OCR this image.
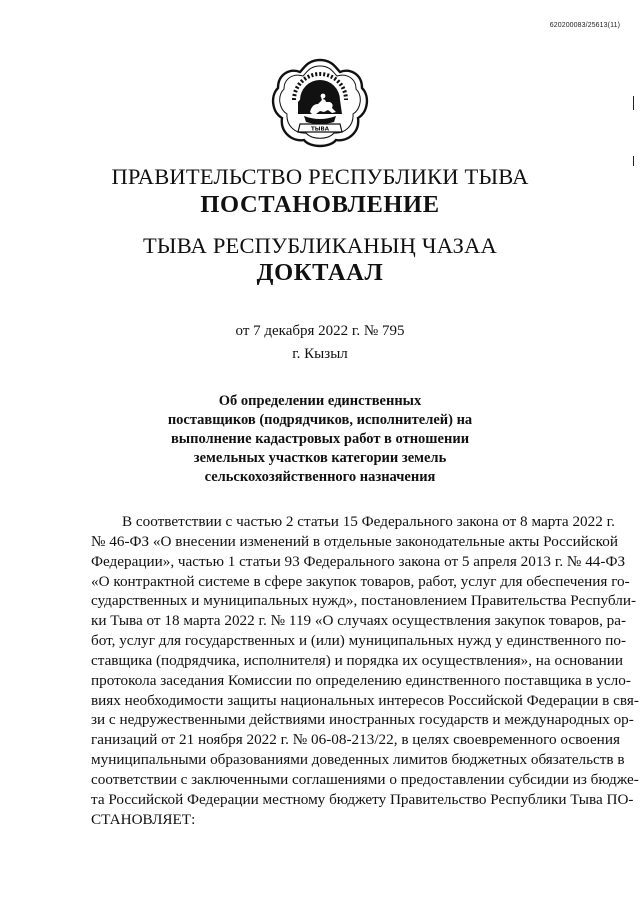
620200083/25613(11)
ТЫВА
ПРАВИТЕЛЬСТВО РЕСПУБЛИКИ ТЫВА
ПОСТАНОВЛЕНИЕ
ТЫВА РЕСПУБЛИКАНЫҢ ЧАЗАА
ДОКТААЛ
от 7 декабря 2022 г. № 795
г. Кызыл
Об определении единственных
поставщиков (подрядчиков, исполнителей) на
выполнение кадастровых работ в отношении
земельных участков категории земель
сельскохозяйственного назначения
В соответствии с частью 2 статьи 15 Федерального закона от 8 марта 2022 г.
№ 46-ФЗ «О внесении изменений в отдельные законодательные акты Российской
Федерации», частью 1 статьи 93 Федерального закона от 5 апреля 2013 г. № 44-ФЗ
«О контрактной системе в сфере закупок товаров, работ, услуг для обеспечения го-
сударственных и муниципальных нужд», постановлением Правительства Республи-
ки Тыва от 18 марта 2022 г. № 119 «О случаях осуществления закупок товаров, ра-
бот, услуг для государственных и (или) муниципальных нужд у единственного по-
ставщика (подрядчика, исполнителя) и порядка их осуществления», на основании
протокола заседания Комиссии по определению единственного поставщика в усло-
виях необходимости защиты национальных интересов Российской Федерации в свя-
зи с недружественными действиями иностранных государств и международных ор-
ганизаций от 21 ноября 2022 г. № 06-08-213/22, в целях своевременного освоения
муниципальными образованиями доведенных лимитов бюджетных обязательств в
соответствии с заключенными соглашениями о предоставлении субсидии из бюдже-
та Российской Федерации местному бюджету Правительство Республики Тыва ПО-
СТАНОВЛЯЕТ:
